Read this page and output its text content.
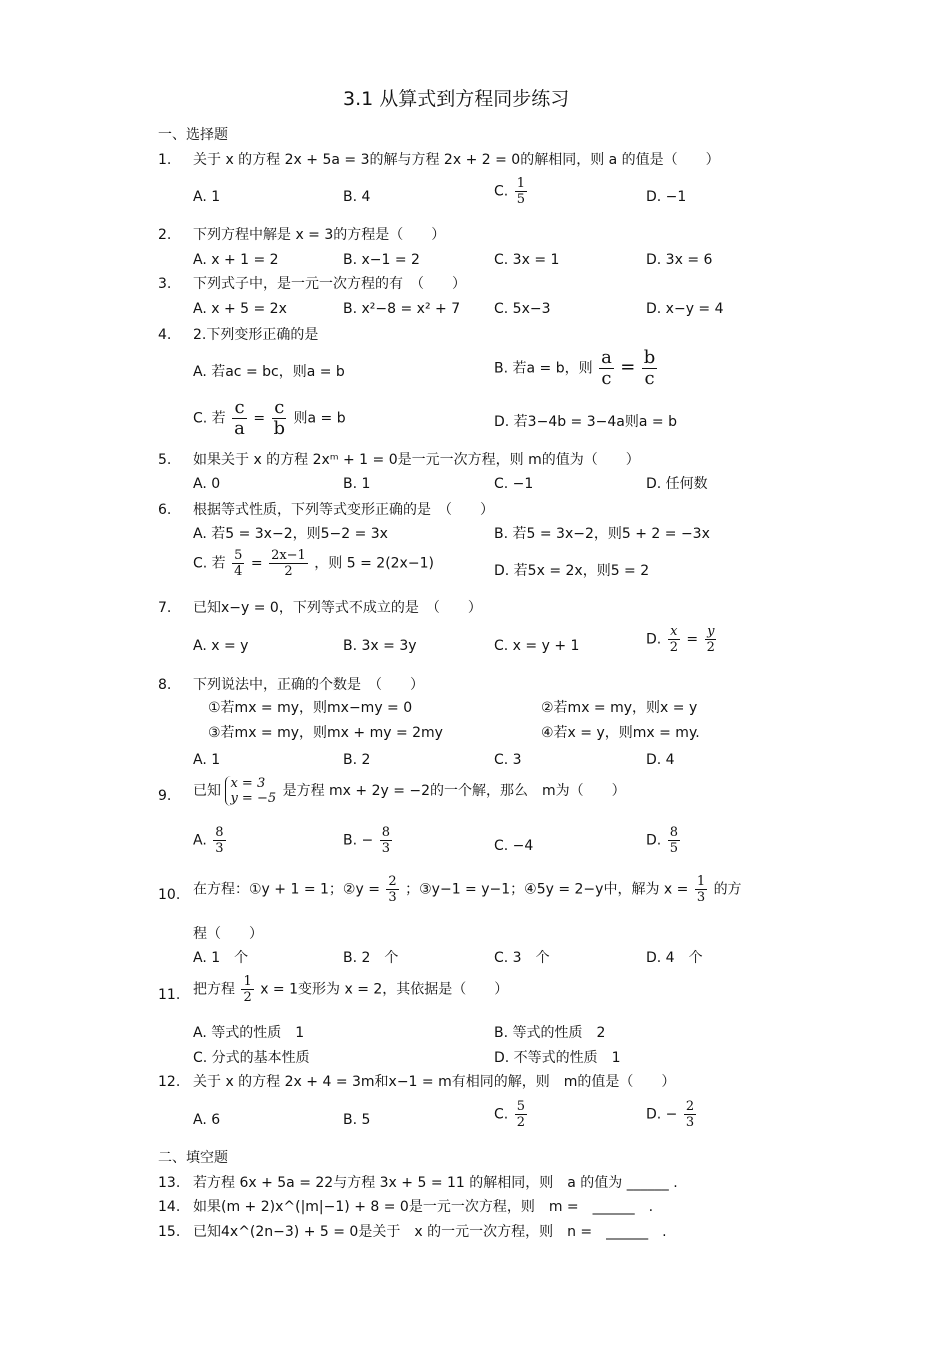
3.1 从算式到方程同步练习
一、选择题
1. 关于 x 的方程 2x + 5a = 3的解与方程 2x + 2 = 0的解相同，则 a 的值是（　　）
A. 1	B. 4	C. $\frac{1}{5}$	D. −1
2. 下列方程中解是 x = 3的方程是（　　）
A. x + 1 = 2	B. x−1 = 2	C. 3x = 1	D. 3x = 6
3. 下列式子中，是一元一次方程的有　（　　）
A. x + 5 = 2x	B. x²−8 = x² + 7 C. 5x−3	D. x−y = 4
4. 2.下列变形正确的是
A. 若ac = bc，则a = b	B. 若a = b，则 $\frac{a}{c} = \frac{b}{c}$
C. 若 $\frac{c}{a} = \frac{c}{b}$ 则a = b	D. 若3−4b = 3−4a则a = b
5. 如果关于 x 的方程 2xᵐ + 1 = 0是一元一次方程，则 m的值为（　　）
A. 0	B. 1	C. −1	D. 任何数
6. 根据等式性质，下列等式变形正确的是　（　　）
A. 若5 = 3x−2，则5−2 = 3x	B. 若5 = 3x−2，则5 + 2 = −3x
C. 若 $\frac{5}{4} = \frac{2x-1}{2}$ ，则 5 = 2(2x−1)	D. 若5x = 2x，则5 = 2
7. 已知x−y = 0，下列等式不成立的是　（　　）
A. x = y	B. 3x = 3y	C. x = y + 1	D. $\frac{x}{2} = \frac{y}{2}$
8. 下列说法中，正确的个数是　（　　）
①若mx = my，则mx−my = 0	②若mx = my，则x = y
③若mx = my，则mx + my = 2my	④若x = y，则mx = my.
A. 1	B. 2	C. 3	D. 4
9. 已知 x = 3
y = −5 是方程 mx + 2y = −2的一个解，那么　m为（　　）
A. $\frac{8}{3}$	B. − $\frac{8}{3}$	C. −4	D. $\frac{8}{5}$
10. 在方程：①y + 1 = 1；②y = $\frac{2}{3}$ ；③y−1 = y−1；④5y = 2−y中，解为 $x = \frac{1}{3}$ 的方
程（　　）
A. 1　个	B. 2　个	C. 3　个	D. 4　个
11. 把方程 $\frac{1}{2}$ x = 1变形为 x = 2，其依据是（　　）
A. 等式的性质　1	B. 等式的性质　2
C. 分式的基本性质	D. 不等式的性质　1
12. 关于 x 的方程 2x + 4 = 3m和x−1 = m有相同的解，则　m的值是（　　）
A. 6	B. 5	C. $\frac{5}{2}$	D. − $\frac{2}{3}$
二、填空题
13. 若方程 6x + 5a = 22与方程 3x + 5 = 11 的解相同，则　a 的值为 ______ .
14. 如果(m + 2)x^(|m|−1) + 8 = 0是一元一次方程，则　m =　______　.
15. 已知4x^(2n−3) + 5 = 0是关于　x 的一元一次方程，则　n =　______　.
